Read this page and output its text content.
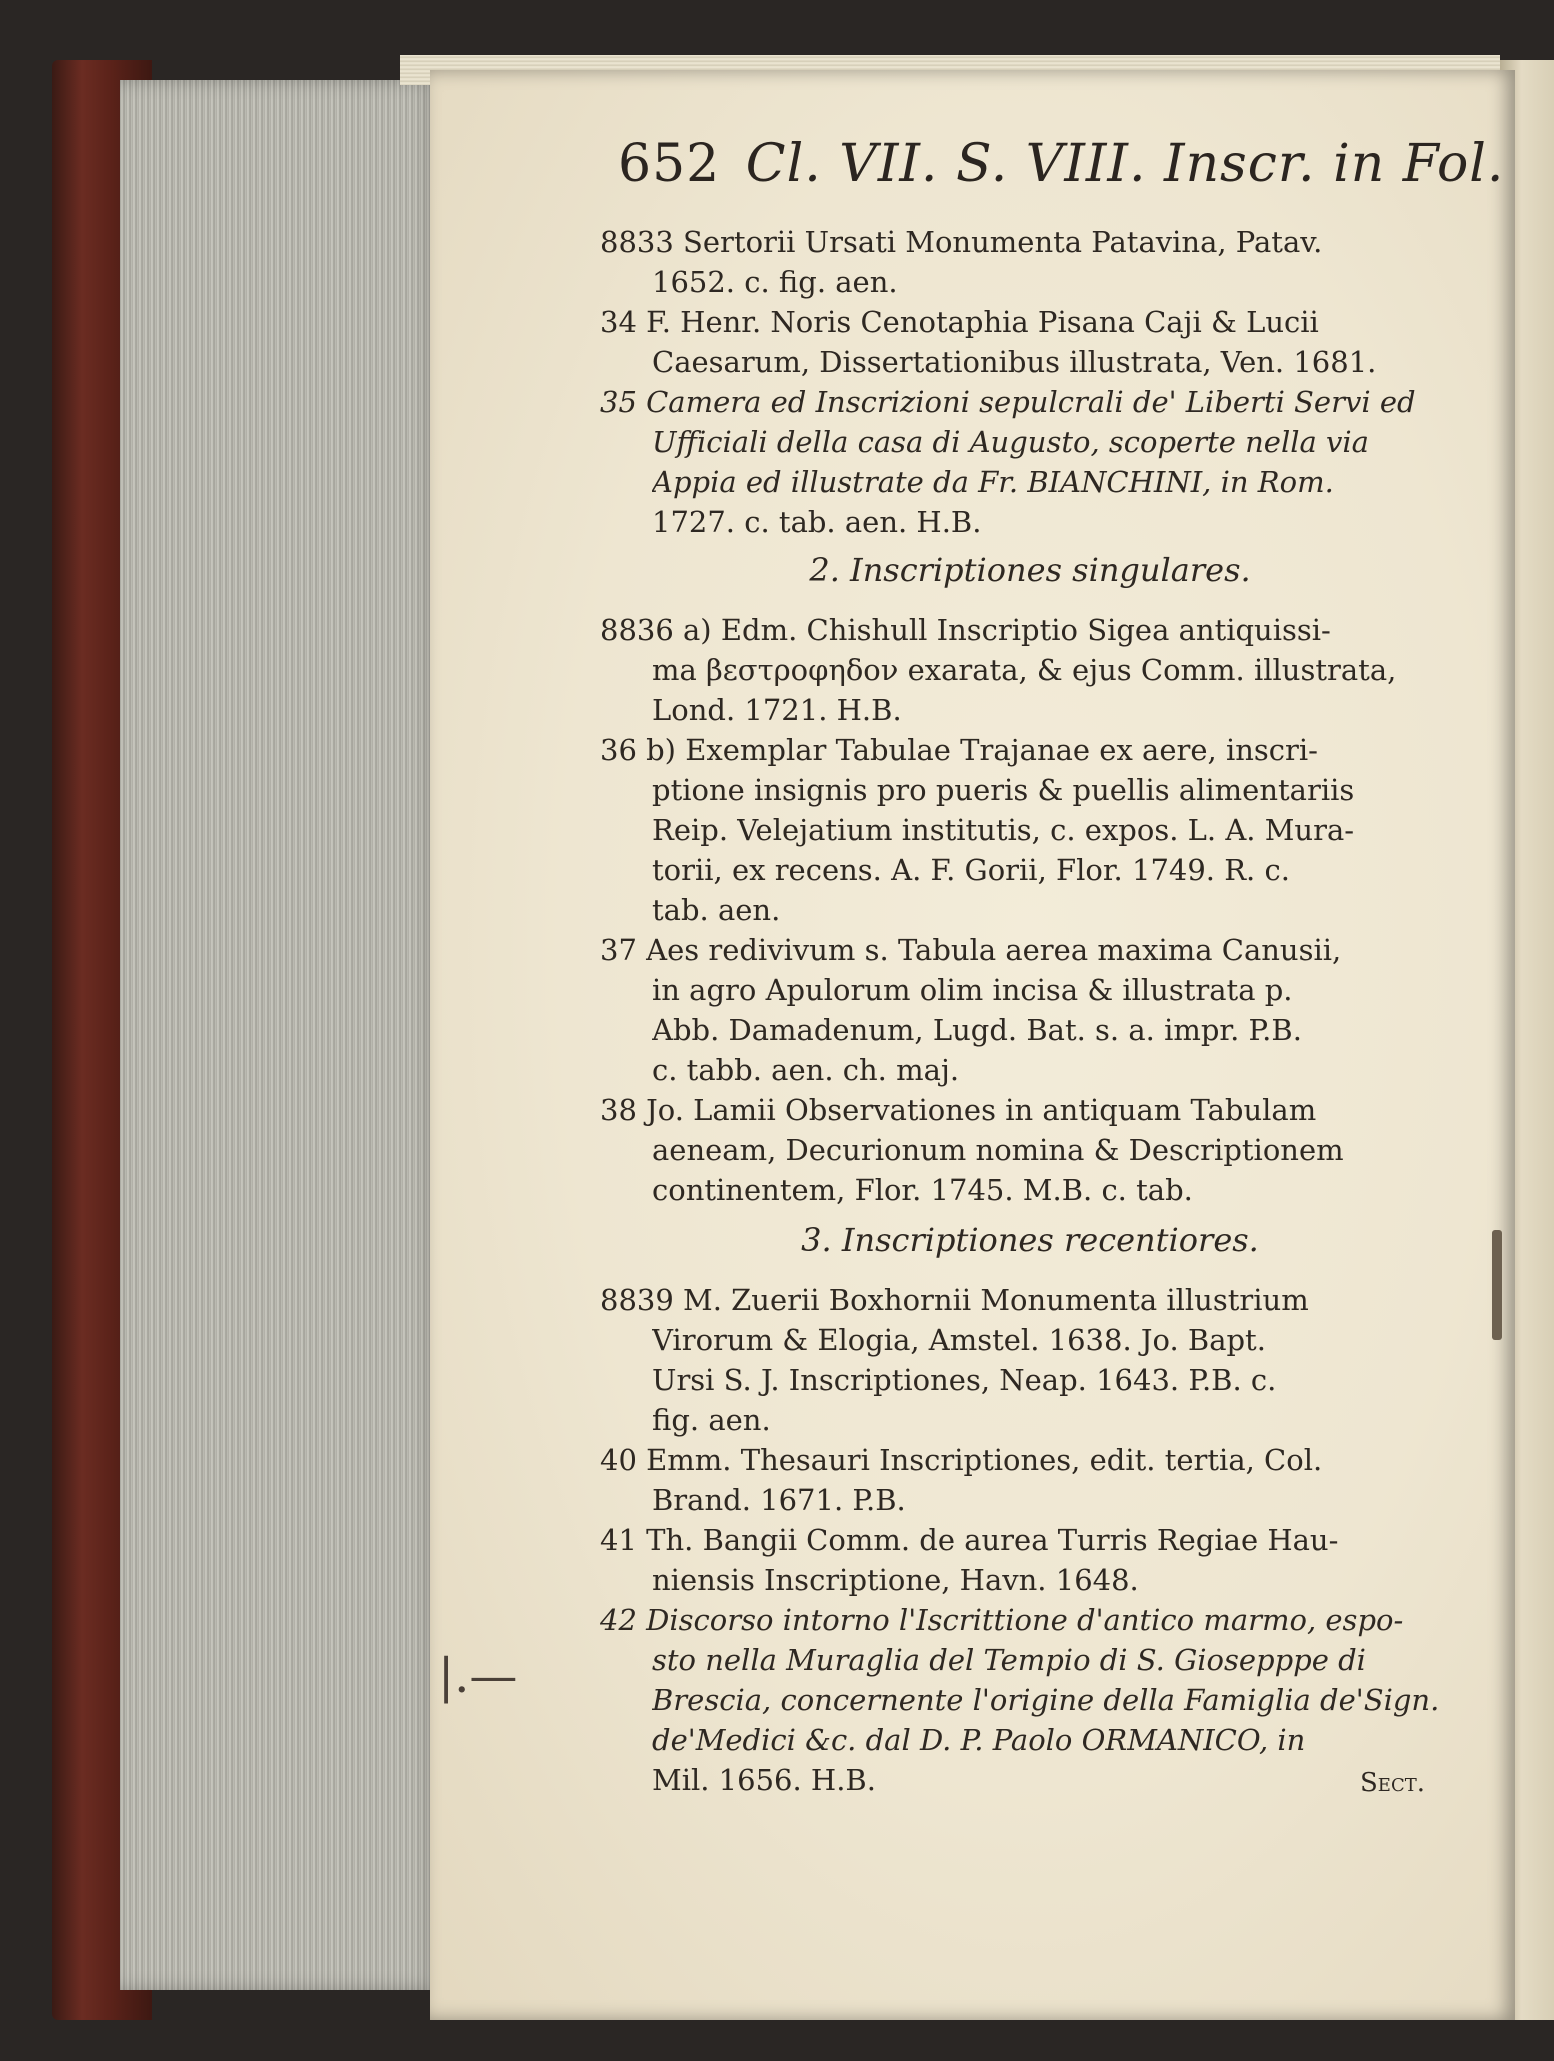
652 Cl. VII. S. VIII. Inscr. in Fol.
8833 Sertorii Ursati Monumenta Patavina, Patav.
1652. c. fig. aen.
34 F. Henr. Noris Cenotaphia Pisana Caji & Lucii
Caesarum, Dissertationibus illustrata, Ven. 1681.
35 Camera ed Inscrizioni sepulcrali de' Liberti Servi ed
Ufficiali della casa di Augusto, scoperte nella via
Appia ed illustrate da Fr. BIANCHINI, in Rom.
1727. c. tab. aen. H.B.
2. Inscriptiones singulares.
8836 a) Edm. Chishull Inscriptio Sigea antiquissi-
ma βεστροφηδον exarata, & ejus Comm. illustrata,
Lond. 1721. H.B.
36 b) Exemplar Tabulae Trajanae ex aere, inscri-
ptione insignis pro pueris & puellis alimentariis
Reip. Velejatium institutis, c. expos. L. A. Mura-
torii, ex recens. A. F. Gorii, Flor. 1749. R. c.
tab. aen.
37 Aes redivivum s. Tabula aerea maxima Canusii,
in agro Apulorum olim incisa & illustrata p.
Abb. Damadenum, Lugd. Bat. s. a. impr. P.B.
c. tabb. aen. ch. maj.
38 Jo. Lamii Observationes in antiquam Tabulam
aeneam, Decurionum nomina & Descriptionem
continentem, Flor. 1745. M.B. c. tab.
3. Inscriptiones recentiores.
8839 M. Zuerii Boxhornii Monumenta illustrium
Virorum & Elogia, Amstel. 1638. Jo. Bapt.
Ursi S. J. Inscriptiones, Neap. 1643. P.B. c.
fig. aen.
40 Emm. Thesauri Inscriptiones, edit. tertia, Col.
Brand. 1671. P.B.
41 Th. Bangii Comm. de aurea Turris Regiae Hau-
niensis Inscriptione, Havn. 1648.
42 Discorso intorno l'Iscrittione d'antico marmo, espo-
sto nella Muraglia del Tempio di S. Giosepppe di
Brescia, concernente l'origine della Famiglia de'Sign.
de'Medici &c. dal D. P. Paolo ORMANICO, in
Mil. 1656. H.B.	Sect.
|.—
